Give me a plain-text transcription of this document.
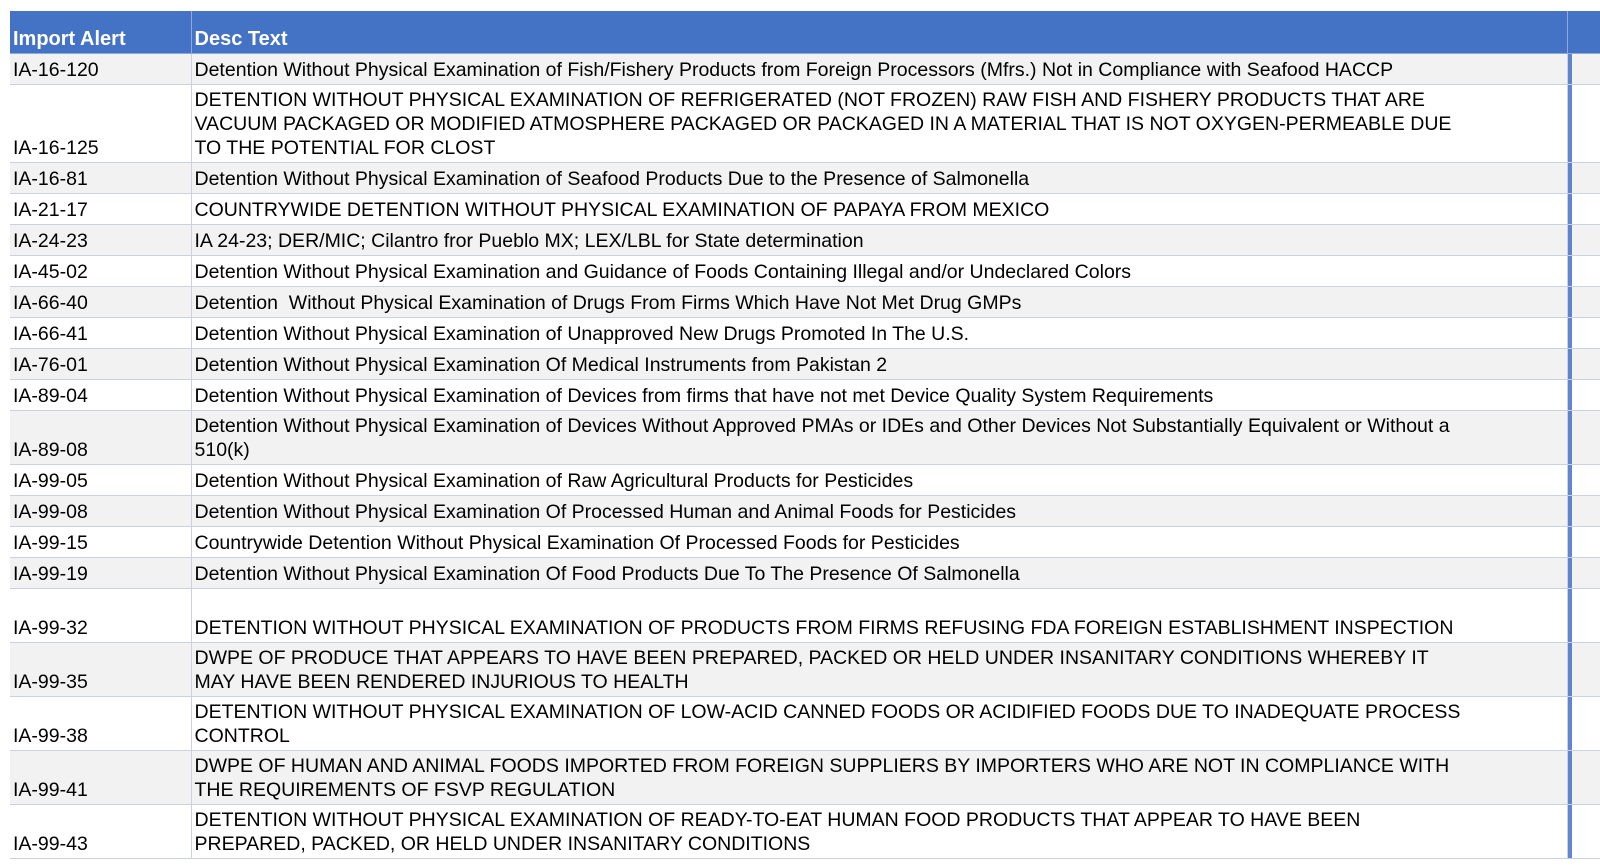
Import Alert	Desc Text	
IA-16-120	Detention Without Physical Examination of Fish/Fishery Products from Foreign Processors (Mfrs.) Not in Compliance with Seafood HACCP	
IA-16-125	DETENTION WITHOUT PHYSICAL EXAMINATION OF REFRIGERATED (NOT FROZEN) RAW FISH AND FISHERY PRODUCTS THAT ARE VACUUM PACKAGED OR MODIFIED ATMOSPHERE PACKAGED OR PACKAGED IN A MATERIAL THAT IS NOT OXYGEN-PERMEABLE DUE TO THE POTENTIAL FOR CLOST	
IA-16-81	Detention Without Physical Examination of Seafood Products Due to the Presence of Salmonella	
IA-21-17	COUNTRYWIDE DETENTION WITHOUT PHYSICAL EXAMINATION OF PAPAYA FROM MEXICO	
IA-24-23	IA 24-23; DER/MIC; Cilantro fror Pueblo MX; LEX/LBL for State determination	
IA-45-02	Detention Without Physical Examination and Guidance of Foods Containing Illegal and/or Undeclared Colors	
IA-66-40	Detention  Without Physical Examination of Drugs From Firms Which Have Not Met Drug GMPs	
IA-66-41	Detention Without Physical Examination of Unapproved New Drugs Promoted In The U.S.	
IA-76-01	Detention Without Physical Examination Of Medical Instruments from Pakistan 2	
IA-89-04	Detention Without Physical Examination of Devices from firms that have not met Device Quality System Requirements	
IA-89-08	Detention Without Physical Examination of Devices Without Approved PMAs or IDEs and Other Devices Not Substantially Equivalent or Without a 510(k)	
IA-99-05	Detention Without Physical Examination of Raw Agricultural Products for Pesticides	
IA-99-08	Detention Without Physical Examination Of Processed Human and Animal Foods for Pesticides	
IA-99-15	Countrywide Detention Without Physical Examination Of Processed Foods for Pesticides	
IA-99-19	Detention Without Physical Examination Of Food Products Due To The Presence Of Salmonella	
IA-99-32	DETENTION WITHOUT PHYSICAL EXAMINATION OF PRODUCTS FROM FIRMS REFUSING FDA FOREIGN ESTABLISHMENT INSPECTION	
IA-99-35	DWPE OF PRODUCE THAT APPEARS TO HAVE BEEN PREPARED, PACKED OR HELD UNDER INSANITARY CONDITIONS WHEREBY IT MAY HAVE BEEN RENDERED INJURIOUS TO HEALTH	
IA-99-38	DETENTION WITHOUT PHYSICAL EXAMINATION OF LOW-ACID CANNED FOODS OR ACIDIFIED FOODS DUE TO INADEQUATE PROCESS CONTROL	
IA-99-41	DWPE OF HUMAN AND ANIMAL FOODS IMPORTED FROM FOREIGN SUPPLIERS BY IMPORTERS WHO ARE NOT IN COMPLIANCE WITH THE REQUIREMENTS OF FSVP REGULATION	
IA-99-43	DETENTION WITHOUT PHYSICAL EXAMINATION OF READY-TO-EAT HUMAN FOOD PRODUCTS THAT APPEAR TO HAVE BEEN PREPARED, PACKED, OR HELD UNDER INSANITARY CONDITIONS	
